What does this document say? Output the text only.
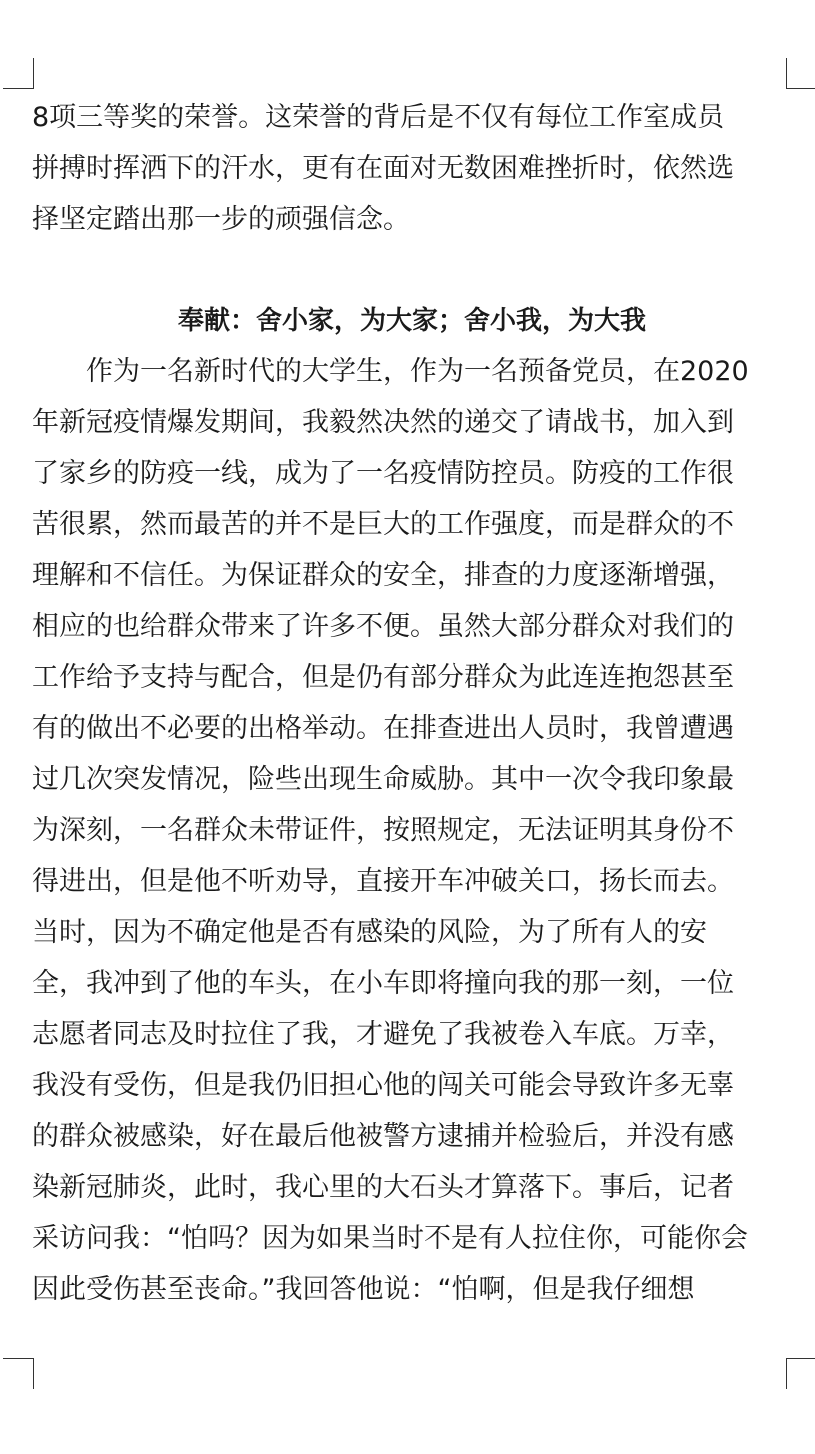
8项三等奖的荣誉。这荣誉的背后是不仅有每位工作室成员
拼搏时挥洒下的汗水，更有在面对无数困难挫折时，依然选
择坚定踏出那一步的顽强信念。
奉献：舍小家，为大家；舍小我，为大我
　　作为一名新时代的大学生，作为一名预备党员，在2020
年新冠疫情爆发期间，我毅然决然的递交了请战书，加入到
了家乡的防疫一线，成为了一名疫情防控员。防疫的工作很
苦很累，然而最苦的并不是巨大的工作强度，而是群众的不
理解和不信任。为保证群众的安全，排查的力度逐渐增强，
相应的也给群众带来了许多不便。虽然大部分群众对我们的
工作给予支持与配合，但是仍有部分群众为此连连抱怨甚至
有的做出不必要的出格举动。在排查进出人员时，我曾遭遇
过几次突发情况，险些出现生命威胁。其中一次令我印象最
为深刻，一名群众未带证件，按照规定，无法证明其身份不
得进出，但是他不听劝导，直接开车冲破关口，扬长而去。
当时，因为不确定他是否有感染的风险，为了所有人的安
全，我冲到了他的车头，在小车即将撞向我的那一刻，一位
志愿者同志及时拉住了我，才避免了我被卷入车底。万幸，
我没有受伤，但是我仍旧担心他的闯关可能会导致许多无辜
的群众被感染，好在最后他被警方逮捕并检验后，并没有感
染新冠肺炎，此时，我心里的大石头才算落下。事后，记者
采访问我：“怕吗？因为如果当时不是有人拉住你，可能你会
因此受伤甚至丧命。”我回答他说：“怕啊，但是我仔细想
